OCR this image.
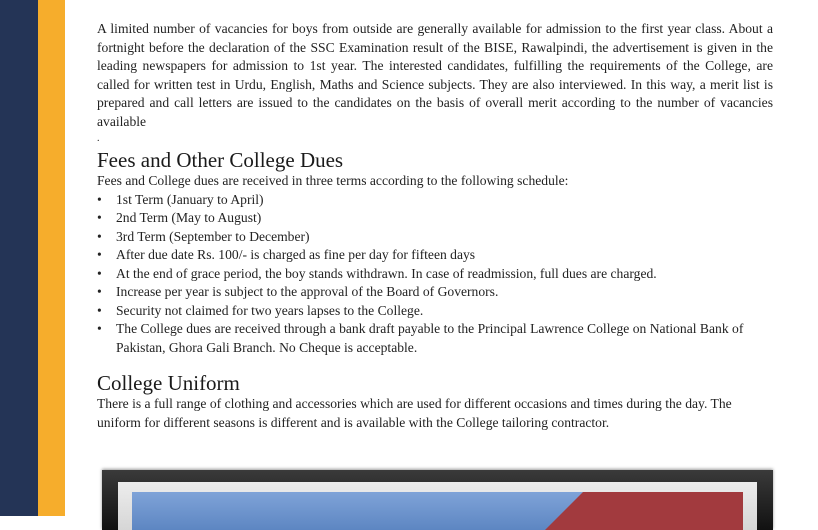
A limited number of vacancies for boys from outside are generally available for admission to the first year class. About a fortnight before the declaration of the SSC Examination result of the BISE, Rawalpindi, the advertisement is given in the leading newspapers for admission to 1st year. The interested candidates, fulfilling the requirements of the College, are called for written test in Urdu, English, Maths and Science subjects. They are also interviewed. In this way, a merit list is prepared and call letters are issued to the candidates on the basis of overall merit according to the number of vacancies available

.
Fees and Other College Dues

Fees and College dues are received in three terms according to the following schedule:

• 1st Term (January to April)
• 2nd Term (May to August)
• 3rd Term (September to December)
• After due date Rs. 100/- is charged as fine per day for fifteen days
• At the end of grace period, the boy stands withdrawn. In case of readmission, full dues are charged.
• Increase per year is subject to the approval of the Board of Governors.
• Security not claimed for two years lapses to the College.
• The College dues are received through a bank draft payable to the Principal Lawrence College on National Bank of Pakistan, Ghora Gali Branch. No Cheque is acceptable.
College Uniform

There is a full range of clothing and accessories which are used for different occasions and times during the day. The uniform for different seasons is different and is available with the College tailoring contractor.
